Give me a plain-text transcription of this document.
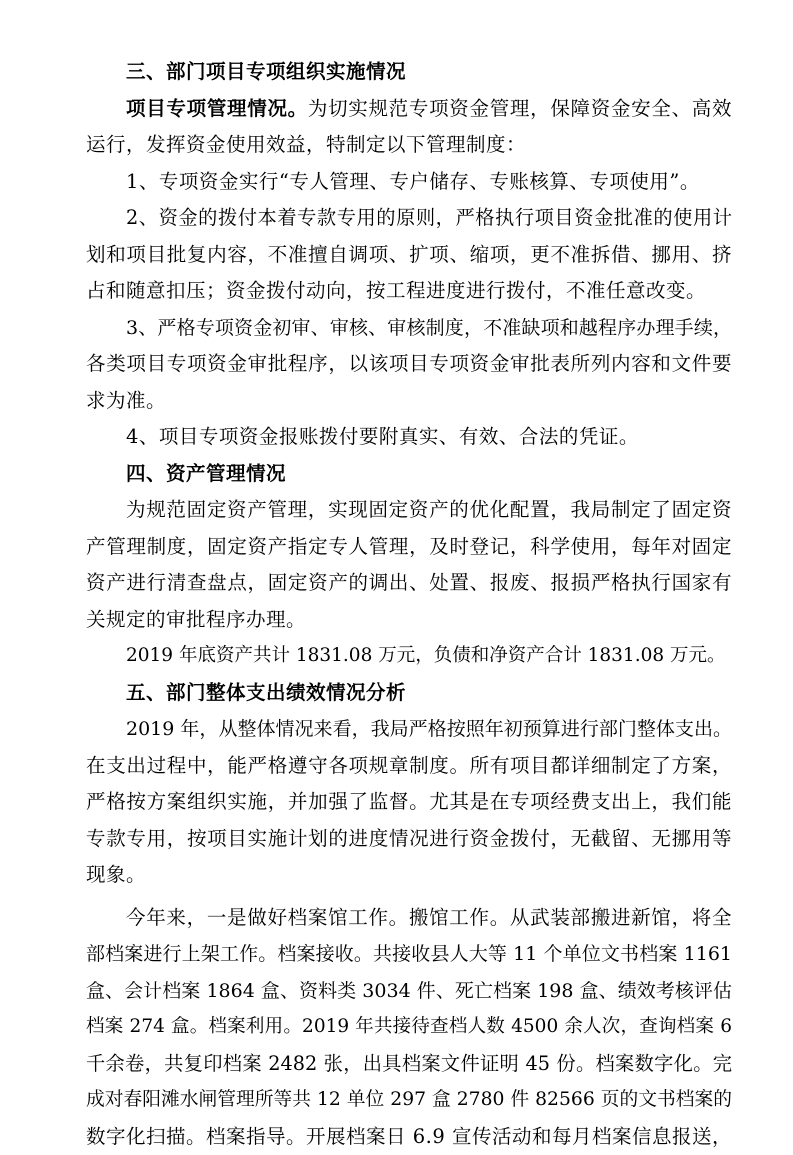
三、部门项目专项组织实施情况
项目专项管理情况。为切实规范专项资金管理，保障资金安全、高效
运行，发挥资金使用效益，特制定以下管理制度：
1、专项资金实行“专人管理、专户储存、专账核算、专项使用”。
2、资金的拨付本着专款专用的原则，严格执行项目资金批准的使用计
划和项目批复内容，不准擅自调项、扩项、缩项，更不准拆借、挪用、挤
占和随意扣压；资金拨付动向，按工程进度进行拨付，不准任意改变。
3、严格专项资金初审、审核、审核制度，不准缺项和越程序办理手续，
各类项目专项资金审批程序，以该项目专项资金审批表所列内容和文件要
求为准。
4、项目专项资金报账拨付要附真实、有效、合法的凭证。
四、资产管理情况
为规范固定资产管理，实现固定资产的优化配置，我局制定了固定资
产管理制度，固定资产指定专人管理，及时登记，科学使用，每年对固定
资产进行清查盘点，固定资产的调出、处置、报废、报损严格执行国家有
关规定的审批程序办理。
2019 年底资产共计 1831.08 万元，负债和净资产合计 1831.08 万元。
五、部门整体支出绩效情况分析
2019 年，从整体情况来看，我局严格按照年初预算进行部门整体支出。
在支出过程中，能严格遵守各项规章制度。所有项目都详细制定了方案，
严格按方案组织实施，并加强了监督。尤其是在专项经费支出上，我们能
专款专用，按项目实施计划的进度情况进行资金拨付，无截留、无挪用等
现象。
今年来，一是做好档案馆工作。搬馆工作。从武装部搬进新馆，将全
部档案进行上架工作。档案接收。共接收县人大等 11 个单位文书档案 1161
盒、会计档案 1864 盒、资料类 3034 件、死亡档案 198 盒、绩效考核评估
档案 274 盒。档案利用。2019 年共接待查档人数 4500 余人次，查询档案 6
千余卷，共复印档案 2482 张，出具档案文件证明 45 份。档案数字化。完
成对春阳滩水闸管理所等共 12 单位 297 盒 2780 件 82566 页的文书档案的
数字化扫描。档案指导。开展档案日 6.9 宣传活动和每月档案信息报送，
